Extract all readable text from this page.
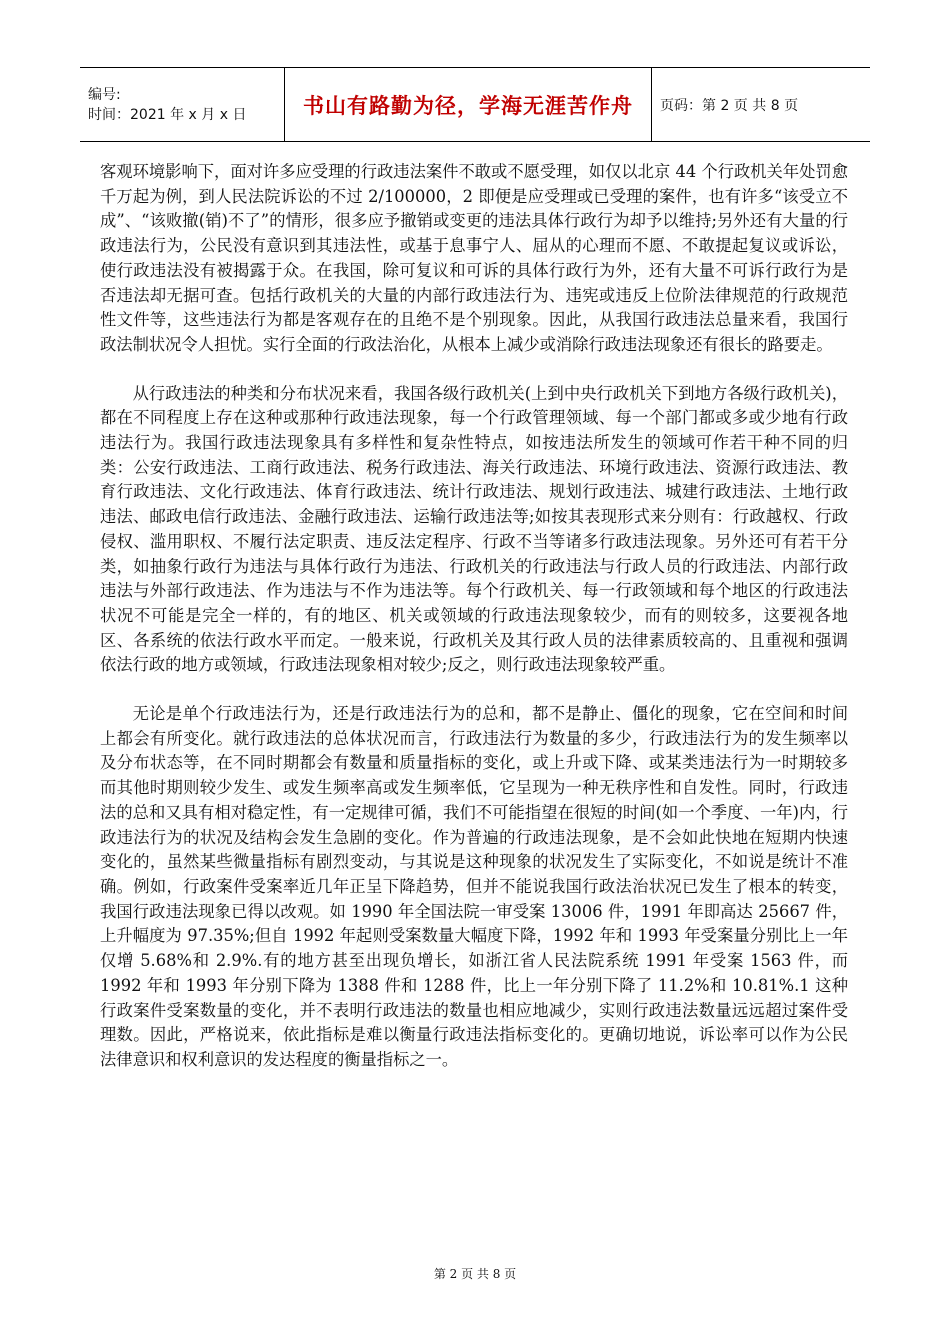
编号:
时间：2021 年 x 月 x 日	书山有路勤为径，学海无涯苦作舟	页码：第 2 页 共 8 页

客观环境影响下，面对许多应受理的行政违法案件不敢或不愿受理，如仅以北京 44 个行政机关年处罚愈千万起为例，到人民法院诉讼的不过 2/100000，2 即便是应受理或已受理的案件，也有许多“该受立不成”、“该败撤(销)不了”的情形，很多应予撤销或变更的违法具体行政行为却予以维持;另外还有大量的行政违法行为，公民没有意识到其违法性，或基于息事宁人、屈从的心理而不愿、不敢提起复议或诉讼，使行政违法没有被揭露于众。在我国，除可复议和可诉的具体行政行为外，还有大量不可诉行政行为是否违法却无据可查。包括行政机关的大量的内部行政违法行为、违宪或违反上位阶法律规范的行政规范性文件等，这些违法行为都是客观存在的且绝不是个别现象。因此，从我国行政违法总量来看，我国行政法制状况令人担忧。实行全面的行政法治化，从根本上减少或消除行政违法现象还有很长的路要走。

从行政违法的种类和分布状况来看，我国各级行政机关(上到中央行政机关下到地方各级行政机关)，都在不同程度上存在这种或那种行政违法现象，每一个行政管理领域、每一个部门都或多或少地有行政违法行为。我国行政违法现象具有多样性和复杂性特点，如按违法所发生的领域可作若干种不同的归类：公安行政违法、工商行政违法、税务行政违法、海关行政违法、环境行政违法、资源行政违法、教育行政违法、文化行政违法、体育行政违法、统计行政违法、规划行政违法、城建行政违法、土地行政违法、邮政电信行政违法、金融行政违法、运输行政违法等;如按其表现形式来分则有：行政越权、行政侵权、滥用职权、不履行法定职责、违反法定程序、行政不当等诸多行政违法现象。另外还可有若干分类，如抽象行政行为违法与具体行政行为违法、行政机关的行政违法与行政人员的行政违法、内部行政违法与外部行政违法、作为违法与不作为违法等。每个行政机关、每一行政领域和每个地区的行政违法状况不可能是完全一样的，有的地区、机关或领域的行政违法现象较少，而有的则较多，这要视各地区、各系统的依法行政水平而定。一般来说，行政机关及其行政人员的法律素质较高的、且重视和强调依法行政的地方或领域，行政违法现象相对较少;反之，则行政违法现象较严重。

无论是单个行政违法行为，还是行政违法行为的总和，都不是静止、僵化的现象，它在空间和时间上都会有所变化。就行政违法的总体状况而言，行政违法行为数量的多少，行政违法行为的发生频率以及分布状态等，在不同时期都会有数量和质量指标的变化，或上升或下降、或某类违法行为一时期较多而其他时期则较少发生、或发生频率高或发生频率低，它呈现为一种无秩序性和自发性。同时，行政违法的总和又具有相对稳定性，有一定规律可循，我们不可能指望在很短的时间(如一个季度、一年)内，行政违法行为的状况及结构会发生急剧的变化。作为普遍的行政违法现象，是不会如此快地在短期内快速变化的，虽然某些微量指标有剧烈变动，与其说是这种现象的状况发生了实际变化，不如说是统计不准确。例如，行政案件受案率近几年正呈下降趋势，但并不能说我国行政法治状况已发生了根本的转变，我国行政违法现象已得以改观。如 1990 年全国法院一审受案 13006 件，1991 年即高达 25667 件，上升幅度为 97.35%;但自 1992 年起则受案数量大幅度下降，1992 年和 1993 年受案量分别比上一年仅增 5.68%和 2.9%.有的地方甚至出现负增长，如浙江省人民法院系统 1991 年受案 1563 件，而 1992 年和 1993 年分别下降为 1388 件和 1288 件，比上一年分别下降了 11.2%和 10.81%.1 这种行政案件受案数量的变化，并不表明行政违法的数量也相应地减少，实则行政违法数量远远超过案件受理数。因此，严格说来，依此指标是难以衡量行政违法指标变化的。更确切地说，诉讼率可以作为公民法律意识和权利意识的发达程度的衡量指标之一。

第 2 页 共 8 页
